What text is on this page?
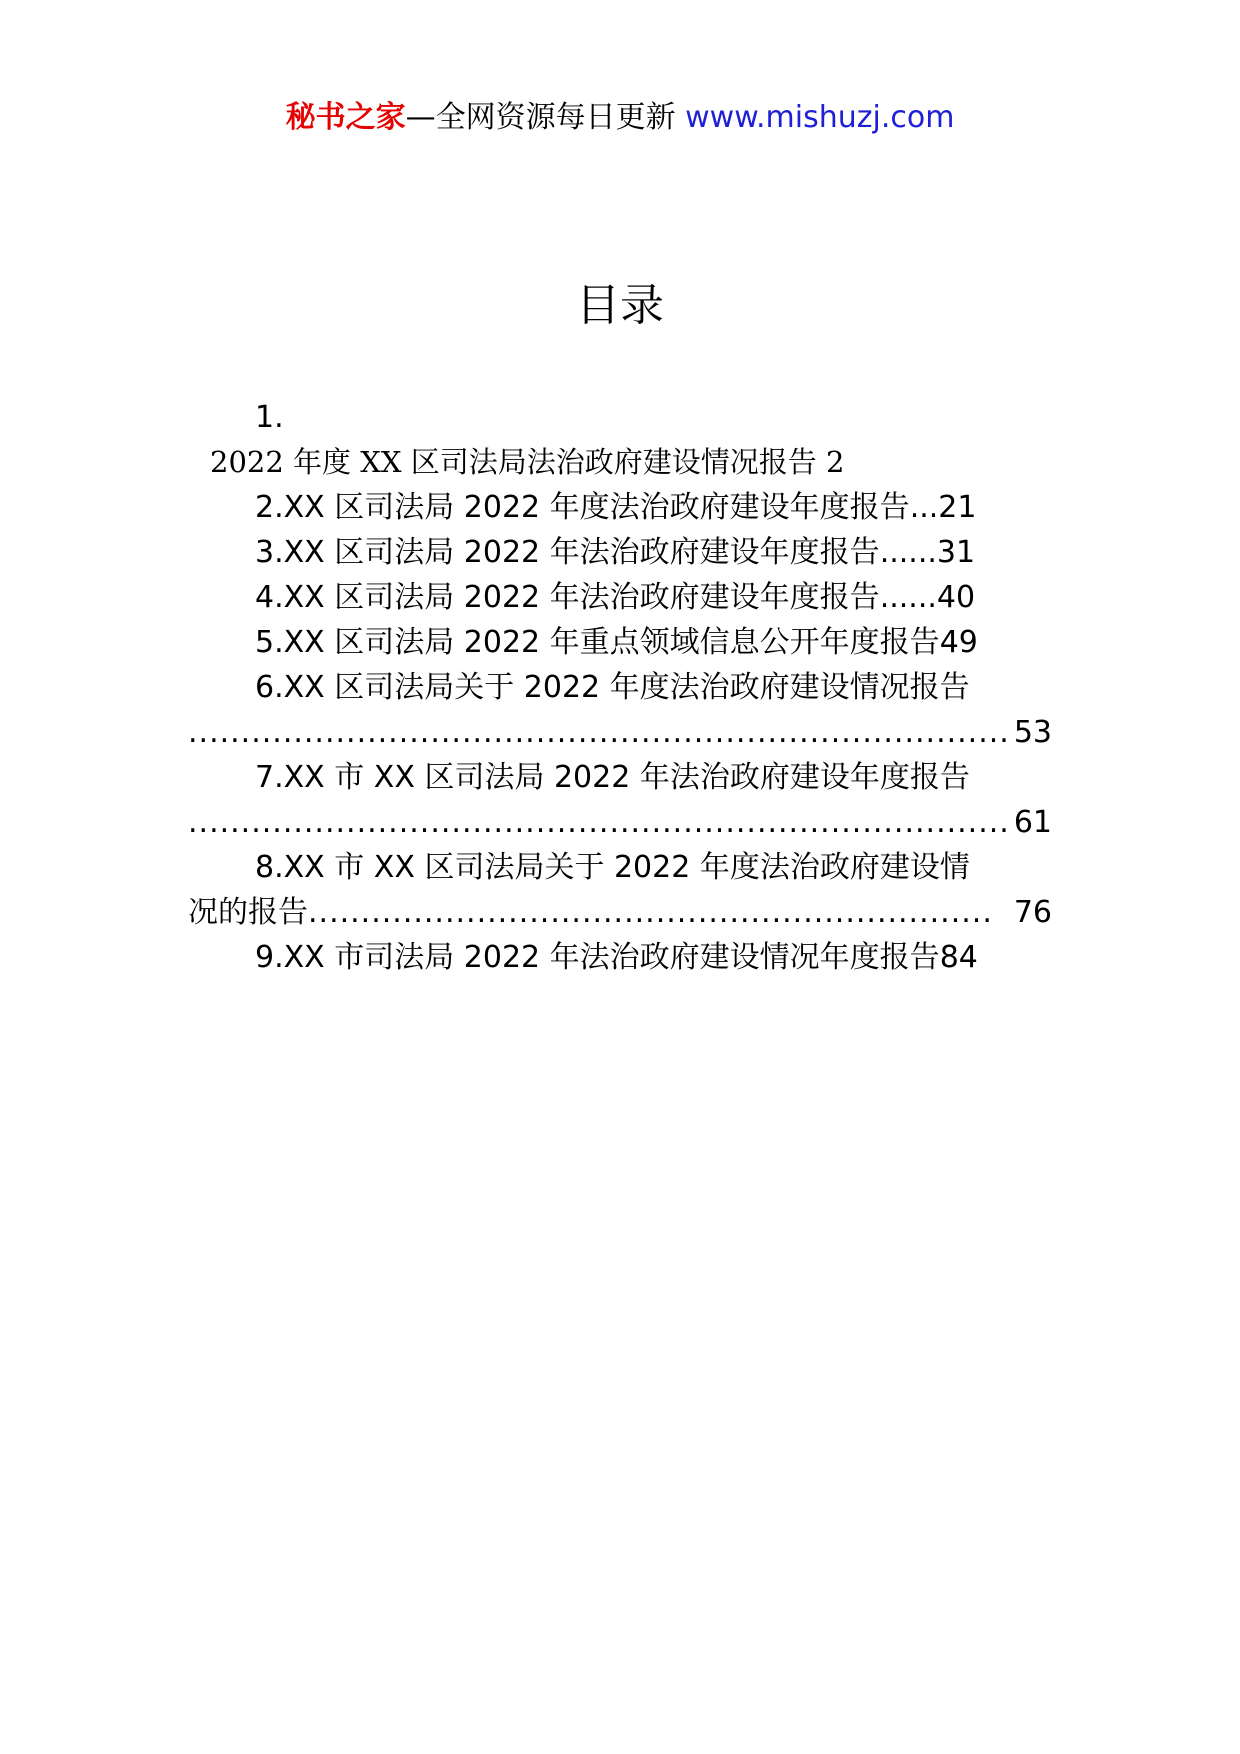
秘书之家—全网资源每日更新 www.mishuzj.com
目录
1.
2022 年度 XX 区司法局法治政府建设情况报告 2
2.XX 区司法局 2022 年度法治政府建设年度报告 ... 21
3.XX 区司法局 2022 年法治政府建设年度报告 ...... 31
4.XX 区司法局 2022 年法治政府建设年度报告 ...... 40
5.XX 区司法局 2022 年重点领域信息公开年度报告 49
6.XX 区司法局关于 2022 年度法治政府建设情况报告
.............................................................................. 53
7.XX 市 XX 区司法局 2022 年法治政府建设年度报告
.............................................................................. 61
8.XX 市 XX 区司法局关于 2022 年度法治政府建设情
况的报告 ................................................................. 76
9.XX 市司法局 2022 年法治政府建设情况年度报告 84
